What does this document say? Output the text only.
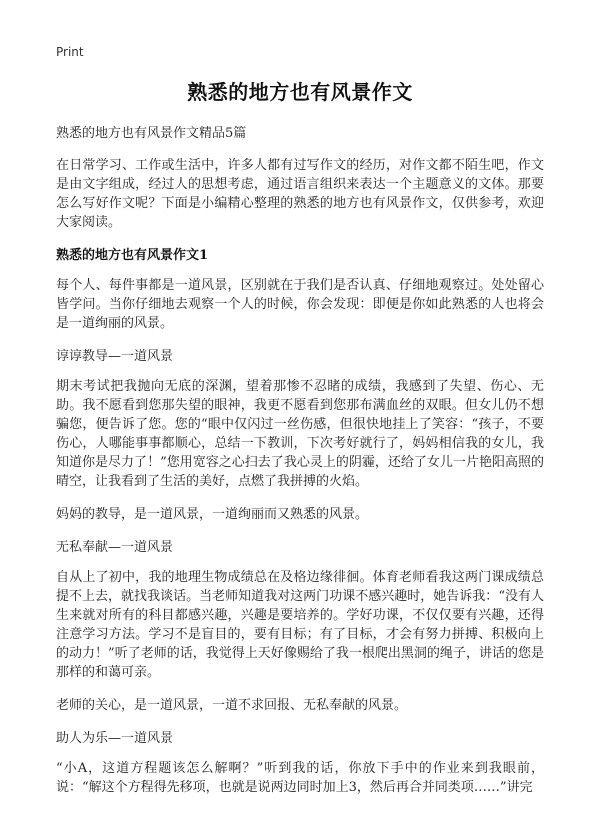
Print
熟悉的地方也有风景作文
熟悉的地方也有风景作文精品5篇

在日常学习、工作或生活中，许多人都有过写作文的经历，对作文都不陌生吧，作文是由文字组成，经过人的思想考虑，通过语言组织来表达一个主题意义的文体。那要怎么写好作文呢？下面是小编精心整理的熟悉的地方也有风景作文，仅供参考，欢迎大家阅读。

熟悉的地方也有风景作文1

每个人、每件事都是一道风景，区别就在于我们是否认真、仔细地观察过。处处留心皆学问。当你仔细地去观察一个人的时候，你会发现：即便是你如此熟悉的人也将会是一道绚丽的风景。

谆谆教导—一道风景

期末考试把我抛向无底的深渊，望着那惨不忍睹的成绩，我感到了失望、伤心、无助。我不愿看到您那失望的眼神，我更不愿看到您那布满血丝的双眼。但女儿仍不想骗您，便告诉了您。您的“眼中仅闪过一丝伤感，但很快地挂上了笑容：“孩子，不要伤心，人哪能事事都顺心，总结一下教训，下次考好就行了，妈妈相信我的女儿，我知道你是尽力了！”您用宽容之心扫去了我心灵上的阴霾，还给了女儿一片艳阳高照的晴空，让我看到了生活的美好，点燃了我拼搏的火焰。

妈妈的教导，是一道风景，一道绚丽而又熟悉的风景。

无私奉献—一道风景

自从上了初中，我的地理生物成绩总在及格边缘徘徊。体育老师看我这两门课成绩总提不上去，就找我谈话。当老师知道我对这两门功课不感兴趣时，她告诉我：“没有人生来就对所有的科目都感兴趣，兴趣是要培养的。学好功课，不仅仅要有兴趣，还得注意学习方法。学习不是盲目的，要有目标；有了目标，才会有努力拼搏、积极向上的动力！”听了老师的话，我觉得上天好像赐给了我一根爬出黑洞的绳子，讲话的您是那样的和蔼可亲。

老师的关心，是一道风景，一道不求回报、无私奉献的风景。

助人为乐—一道风景

“小A，这道方程题该怎么解啊？”听到我的话，你放下手中的作业来到我眼前，说：“解这个方程得先移项，也就是说两边同时加上3，然后再合并同类项……”讲完
